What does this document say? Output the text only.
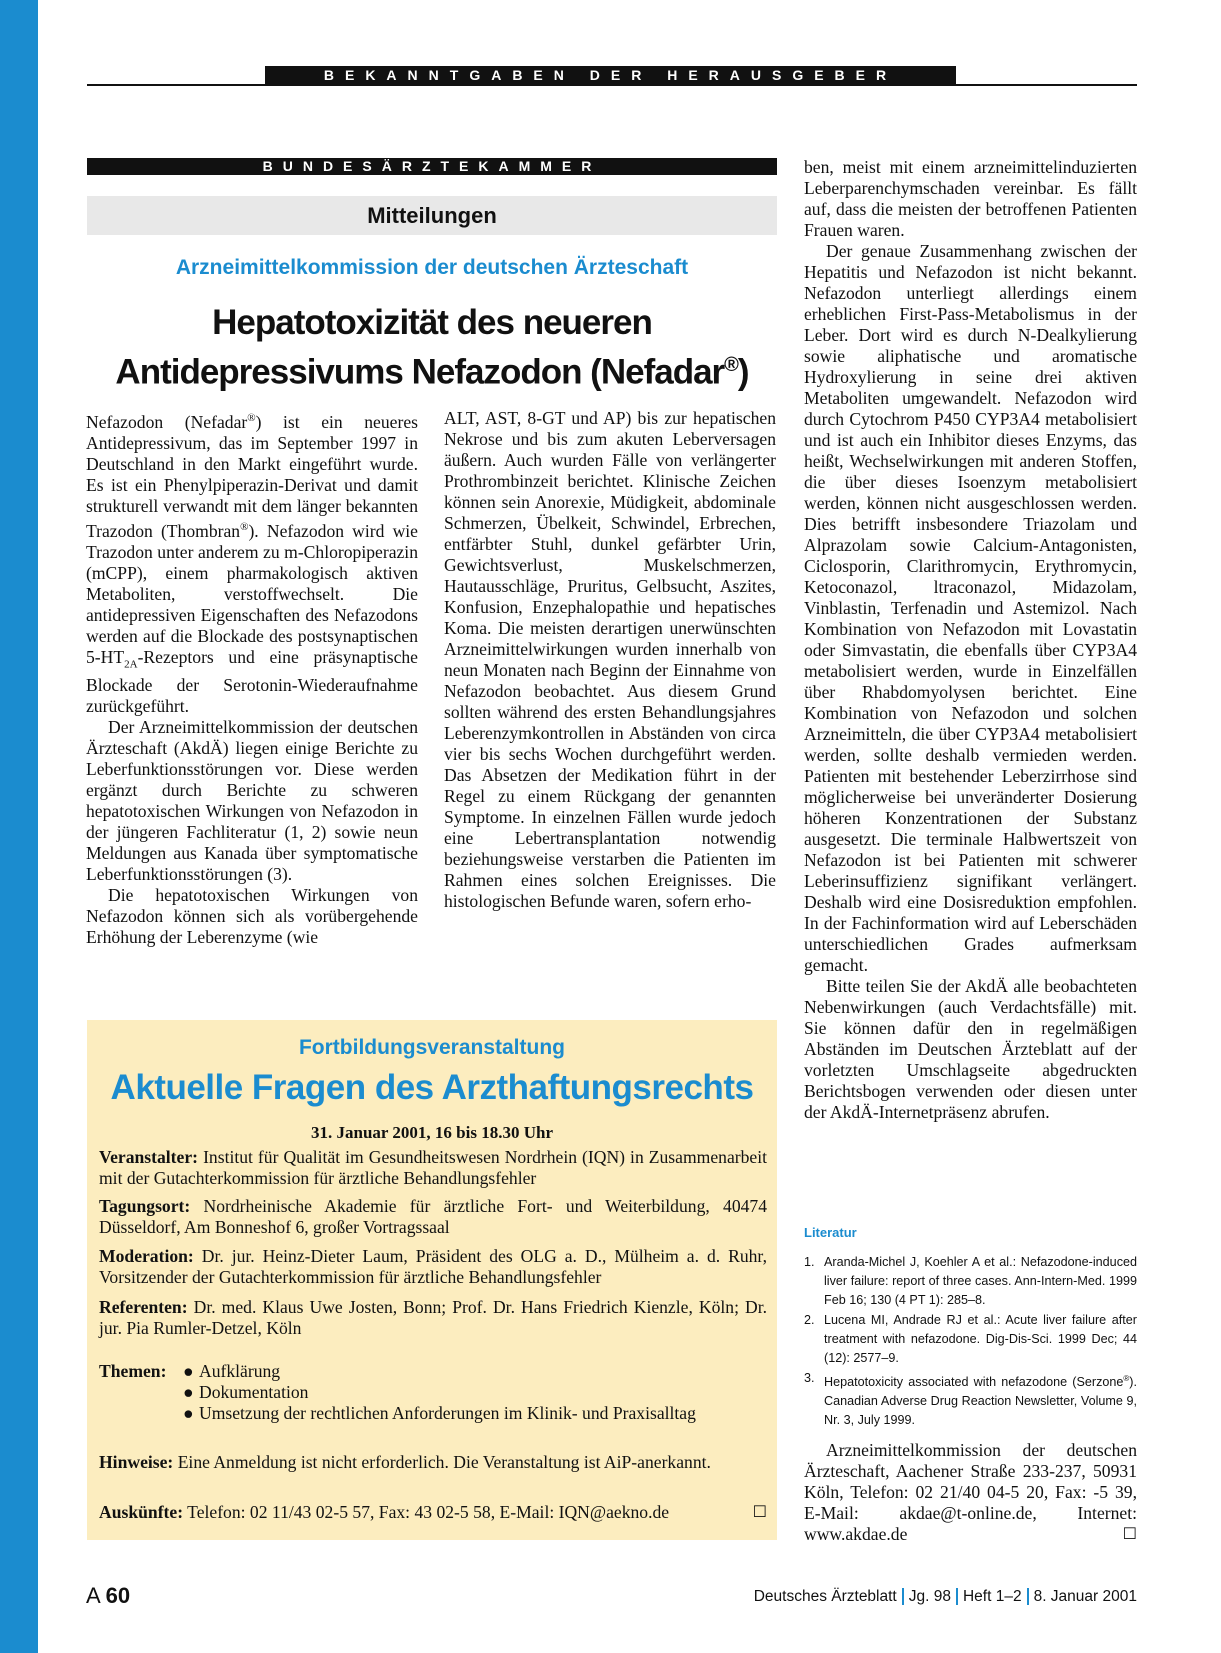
BEKANNTGABEN DER HERAUSGEBER
BUNDESÄRZTEKAMMER
Mitteilungen
Arzneimittelkommission der deutschen Ärzteschaft
Hepatotoxizität des neueren
Antidepressivums Nefazodon (Nefadar®)

Nefazodon (Nefadar®) ist ein neueres Antidepressivum, das im September 1997 in Deutschland in den Markt eingeführt wurde. Es ist ein Phenylpiperazin-Derivat und damit strukturell verwandt mit dem länger bekannten Trazodon (Thombran®). Nefazodon wird wie Trazodon unter anderem zu m-Chloropiperazin (mCPP), einem pharmakologisch aktiven Metaboliten, verstoffwechselt. Die antidepressiven Eigenschaften des Nefazodons werden auf die Blockade des postsynaptischen $5-HT_{2A}$-Rezeptors und eine präsynaptische Blockade der Serotonin-Wiederaufnahme zurückgeführt.

Der Arzneimittelkommission der deutschen Ärzteschaft (AkdÄ) liegen einige Berichte zu Leberfunktionsstörungen vor. Diese werden ergänzt durch Berichte zu schweren hepatotoxischen Wirkungen von Nefazodon in der jüngeren Fachliteratur (1, 2) sowie neun Meldungen aus Kanada über symptomatische Leberfunktionsstörungen (3).

Die hepatotoxischen Wirkungen von Nefazodon können sich als vorübergehende Erhöhung der Leberenzyme (wie

ALT, AST, 8-GT und AP) bis zur hepatischen Nekrose und bis zum akuten Leberversagen äußern. Auch wurden Fälle von verlängerter Prothrombinzeit berichtet. Klinische Zeichen können sein Anorexie, Müdigkeit, abdominale Schmerzen, Übelkeit, Schwindel, Erbrechen, entfärbter Stuhl, dunkel gefärbter Urin, Gewichtsverlust, Muskelschmerzen, Hautausschläge, Pruritus, Gelbsucht, Aszites, Konfusion, Enzephalopathie und hepatisches Koma. Die meisten derartigen unerwünschten Arzneimittelwirkungen wurden innerhalb von neun Monaten nach Beginn der Einnahme von Nefazodon beobachtet. Aus diesem Grund sollten während des ersten Behandlungsjahres Leberenzymkontrollen in Abständen von circa vier bis sechs Wochen durchgeführt werden. Das Absetzen der Medikation führt in der Regel zu einem Rückgang der genannten Symptome. In einzelnen Fällen wurde jedoch eine Lebertransplantation notwendig beziehungsweise verstarben die Patienten im Rahmen eines solchen Ereignisses. Die histologischen Befunde waren, sofern erho-

ben, meist mit einem arzneimittelinduzierten Leberparenchymschaden vereinbar. Es fällt auf, dass die meisten der betroffenen Patienten Frauen waren.

Der genaue Zusammenhang zwischen der Hepatitis und Nefazodon ist nicht bekannt. Nefazodon unterliegt allerdings einem erheblichen First-Pass-Metabolismus in der Leber. Dort wird es durch N-Dealkylierung sowie aliphatische und aromatische Hydroxylierung in seine drei aktiven Metaboliten umgewandelt. Nefazodon wird durch Cytochrom P450 CYP3A4 metabolisiert und ist auch ein Inhibitor dieses Enzyms, das heißt, Wechselwirkungen mit anderen Stoffen, die über dieses Isoenzym metabolisiert werden, können nicht ausgeschlossen werden. Dies betrifft insbesondere Triazolam und Alprazolam sowie Calcium-Antagonisten, Ciclosporin, Clarithromycin, Erythromycin, Ketoconazol, ltraconazol, Midazolam, Vinblastin, Terfenadin und Astemizol. Nach Kombination von Nefazodon mit Lovastatin oder Simvastatin, die ebenfalls über CYP3A4 metabolisiert werden, wurde in Einzelfällen über Rhabdomyolysen berichtet. Eine Kombination von Nefazodon und solchen Arzneimitteln, die über CYP3A4 metabolisiert werden, sollte deshalb vermieden werden. Patienten mit bestehender Leberzirrhose sind möglicherweise bei unveränderter Dosierung höheren Konzentrationen der Substanz ausgesetzt. Die terminale Halbwertszeit von Nefazodon ist bei Patienten mit schwerer Leberinsuffizienz signifikant verlängert. Deshalb wird eine Dosisreduktion empfohlen. In der Fachinformation wird auf Leberschäden unterschiedlichen Grades aufmerksam gemacht.

Bitte teilen Sie der AkdÄ alle beobachteten Nebenwirkungen (auch Verdachtsfälle) mit. Sie können dafür den in regelmäßigen Abständen im Deutschen Ärzteblatt auf der vorletzten Umschlagseite abgedruckten Berichtsbogen verwenden oder diesen unter der AkdÄ-Internetpräsenz abrufen.

Literatur
1. Aranda-Michel J, Koehler A et al.: Nefazodone-induced liver failure: report of three cases. Ann-Intern-Med. 1999 Feb 16; 130 (4 PT 1): 285–8.
2. Lucena MI, Andrade RJ et al.: Acute liver failure after treatment with nefazodone. Dig-Dis-Sci. 1999 Dec; 44 (12): 2577–9.
3. Hepatotoxicity associated with nefazodone (Serzone®). Canadian Adverse Drug Reaction Newsletter, Volume 9, Nr. 3, July 1999.

Arzneimittelkommission der deutschen Ärzteschaft, Aachener Straße 233-237, 50931 Köln, Telefon: 02 21/40 04-5 20, Fax: -5 39, E-Mail: akdae@t-online.de, Internet: www.akdae.de	☐

Fortbildungsveranstaltung
Aktuelle Fragen des Arzthaftungsrechts
31. Januar 2001, 16 bis 18.30 Uhr
Veranstalter: Institut für Qualität im Gesundheitswesen Nordrhein (IQN) in Zusammenarbeit mit der Gutachterkommission für ärztliche Behandlungsfehler
Tagungsort: Nordrheinische Akademie für ärztliche Fort- und Weiterbildung, 40474 Düsseldorf, Am Bonneshof 6, großer Vortragssaal
Moderation: Dr. jur. Heinz-Dieter Laum, Präsident des OLG a. D., Mülheim a. d. Ruhr, Vorsitzender der Gutachterkommission für ärztliche Behandlungsfehler
Referenten: Dr. med. Klaus Uwe Josten, Bonn; Prof. Dr. Hans Friedrich Kienzle, Köln; Dr. jur. Pia Rumler-Detzel, Köln
Themen: ● Aufklärung
● Dokumentation
● Umsetzung der rechtlichen Anforderungen im Klinik- und Praxisalltag
Hinweise: Eine Anmeldung ist nicht erforderlich. Die Veranstaltung ist AiP-anerkannt.
Auskünfte: Telefon: 02 11/43 02-5 57, Fax: 43 02-5 58, E-Mail: IQN@aekno.de	☐
A 60	Deutsches Ärzteblatt Jg. 98 Heft 1–2 8. Januar 2001
